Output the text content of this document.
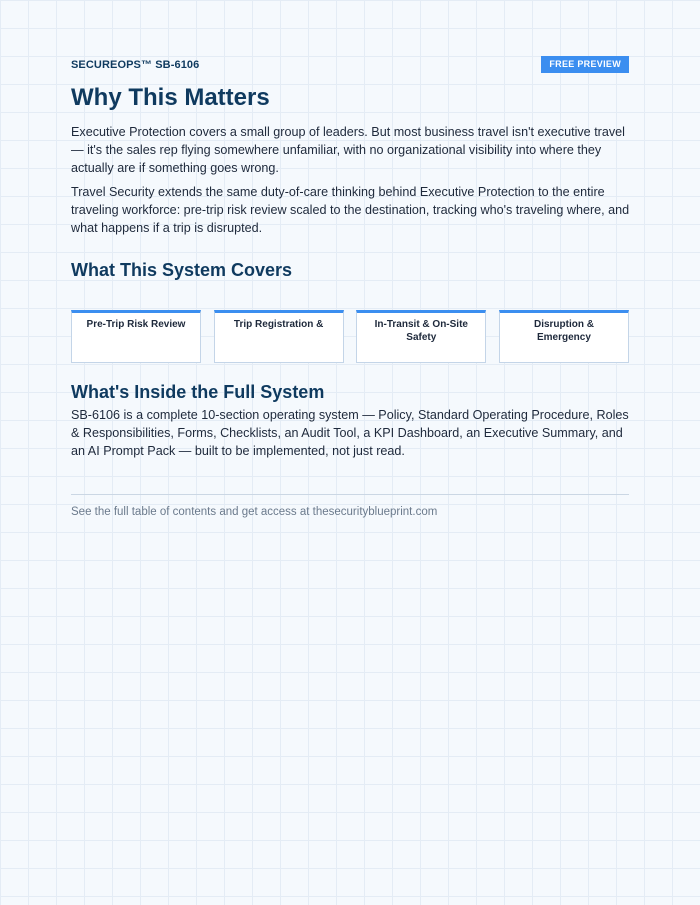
SECUREOPS™ SB-6106	FREE PREVIEW
Why This Matters

Executive Protection covers a small group of leaders. But most business travel isn't executive travel — it's the sales rep flying somewhere unfamiliar, with no organizational visibility into where they actually are if something goes wrong.

Travel Security extends the same duty-of-care thinking behind Executive Protection to the entire traveling workforce: pre-trip risk review scaled to the destination, tracking who's traveling where, and what happens if a trip is disrupted.

What This System Covers
Pre-Trip Risk Review	Trip Registration &	In-Transit & On-Site Safety
Disruption & Emergency
What's Inside the Full System

SB-6106 is a complete 10-section operating system — Policy, Standard Operating Procedure, Roles & Responsibilities, Forms, Checklists, an Audit Tool, a KPI Dashboard, an Executive Summary, and an AI Prompt Pack — built to be implemented, not just read.

See the full table of contents and get access at thesecurityblueprint.com
